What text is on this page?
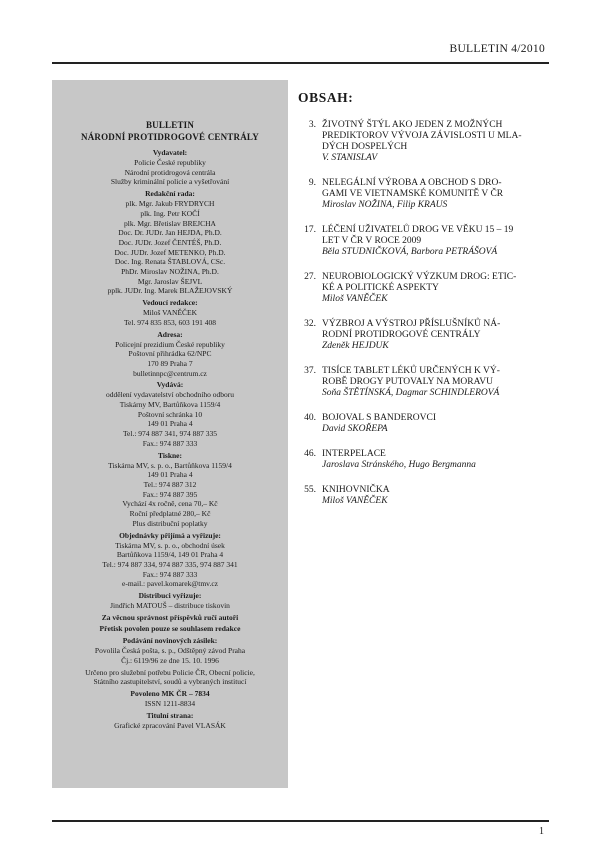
BULLETIN 4/2010
BULLETIN
NÁRODNÍ PROTIDROGOVÉ CENTRÁLY
Vydavatel:
Policie České republiky
Národní protidrogová centrála
Služby kriminální policie a vyšetřování
Redakční rada:
plk. Mgr. Jakub FRYDRYCH
plk. Ing. Petr KOČÍ
plk. Mgr. Břetislav BREJCHA
Doc. Dr. JUDr. Jan HEJDA, Ph.D.
Doc. JUDr. Jozef ČENTÉŠ, Ph.D.
Doc. JUDr. Jozef METENKO, Ph.D.
Doc. Ing. Renata ŠTABLOVÁ, CSc.
PhDr. Miroslav NOŽINA, Ph.D.
Mgr. Jaroslav ŠEJVL
pplk. JUDr. Ing. Marek BLAŽEJOVSKÝ
Vedoucí redakce:
Miloš VANĚČEK
Tel. 974 835 853, 603 191 408
Adresa:
Policejní prezidium České republiky
Poštovní přihrádka 62/NPC
170 89 Praha 7
bulletinnpc@centrum.cz
Vydává:
oddělení vydavatelství obchodního odboru
Tiskárny MV, Bartůňkova 1159/4
Poštovní schránka 10
149 01 Praha 4
Tel.: 974 887 341, 974 887 335
Fax.: 974 887 333
Tiskne:
Tiskárna MV, s. p. o., Bartůňkova 1159/4
149 01 Praha 4
Tel.: 974 887 312
Fax.: 974 887 395
Vychází 4x ročně, cena 70,– Kč
Roční předplatné 280,– Kč
Plus distribuční poplatky
Objednávky přijímá a vyřizuje:
Tiskárna MV, s. p. o., obchodní úsek
Bartůňkova 1159/4, 149 01 Praha 4
Tel.: 974 887 334, 974 887 335, 974 887 341
Fax.: 974 887 333
e-mail.: pavel.komarek@tmv.cz
Distribuci vyřizuje:
Jindřich MATOUŠ – distribuce tiskovin
Za věcnou správnost příspěvků ručí autoři
Přetisk povolen pouze se souhlasem redakce
Podávání novinových zásilek:
Povolila Česká pošta, s. p., Odštěpný závod Praha
Čj.: 6119/96 ze dne 15. 10. 1996
Určeno pro služební potřebu Policie ČR, Obecní policie,
Státního zastupitelství, soudů a vybraných institucí
Povoleno MK ČR – 7834
ISSN 1211-8834
Titulní strana:
Grafické zpracování Pavel VLASÁK
OBSAH:
3. ŽIVOTNÝ ŠTÝL AKO JEDEN Z MOŽNÝCH
PREDIKTOROV VÝVOJA ZÁVISLOSTI U MLA-
DÝCH DOSPELÝCH
V. STANISLAV
9. NELEGÁLNÍ VÝROBA A OBCHOD S DRO-
GAMI VE VIETNAMSKÉ KOMUNITĚ V ČR
Miroslav NOŽINA, Filip KRAUS
17. LÉČENÍ UŽIVATELŮ DROG VE VĚKU 15 – 19
LET V ČR V ROCE 2009
Běla STUDNIČKOVÁ, Barbora PETRÁŠOVÁ
27. NEUROBIOLOGICKÝ VÝZKUM DROG: ETIC-
KÉ A POLITICKÉ ASPEKTY
Miloš VANĚČEK
32. VÝZBROJ A VÝSTROJ PŘÍSLUŠNÍKŮ NÁ-
RODNÍ PROTIDROGOVÉ CENTRÁLY
Zdeněk HEJDUK
37. TISÍCE TABLET LÉKŮ URČENÝCH K VÝ-
ROBĚ DROGY PUTOVALY NA MORAVU
Soňa ŠTĚTÍNSKÁ, Dagmar SCHINDLEROVÁ
40. BOJOVAL S BANDEROVCI
David SKOŘEPA
46. INTERPELACE
Jaroslava Stránského, Hugo Bergmanna
55. KNIHOVNIČKA
Miloš VANĚČEK
1
